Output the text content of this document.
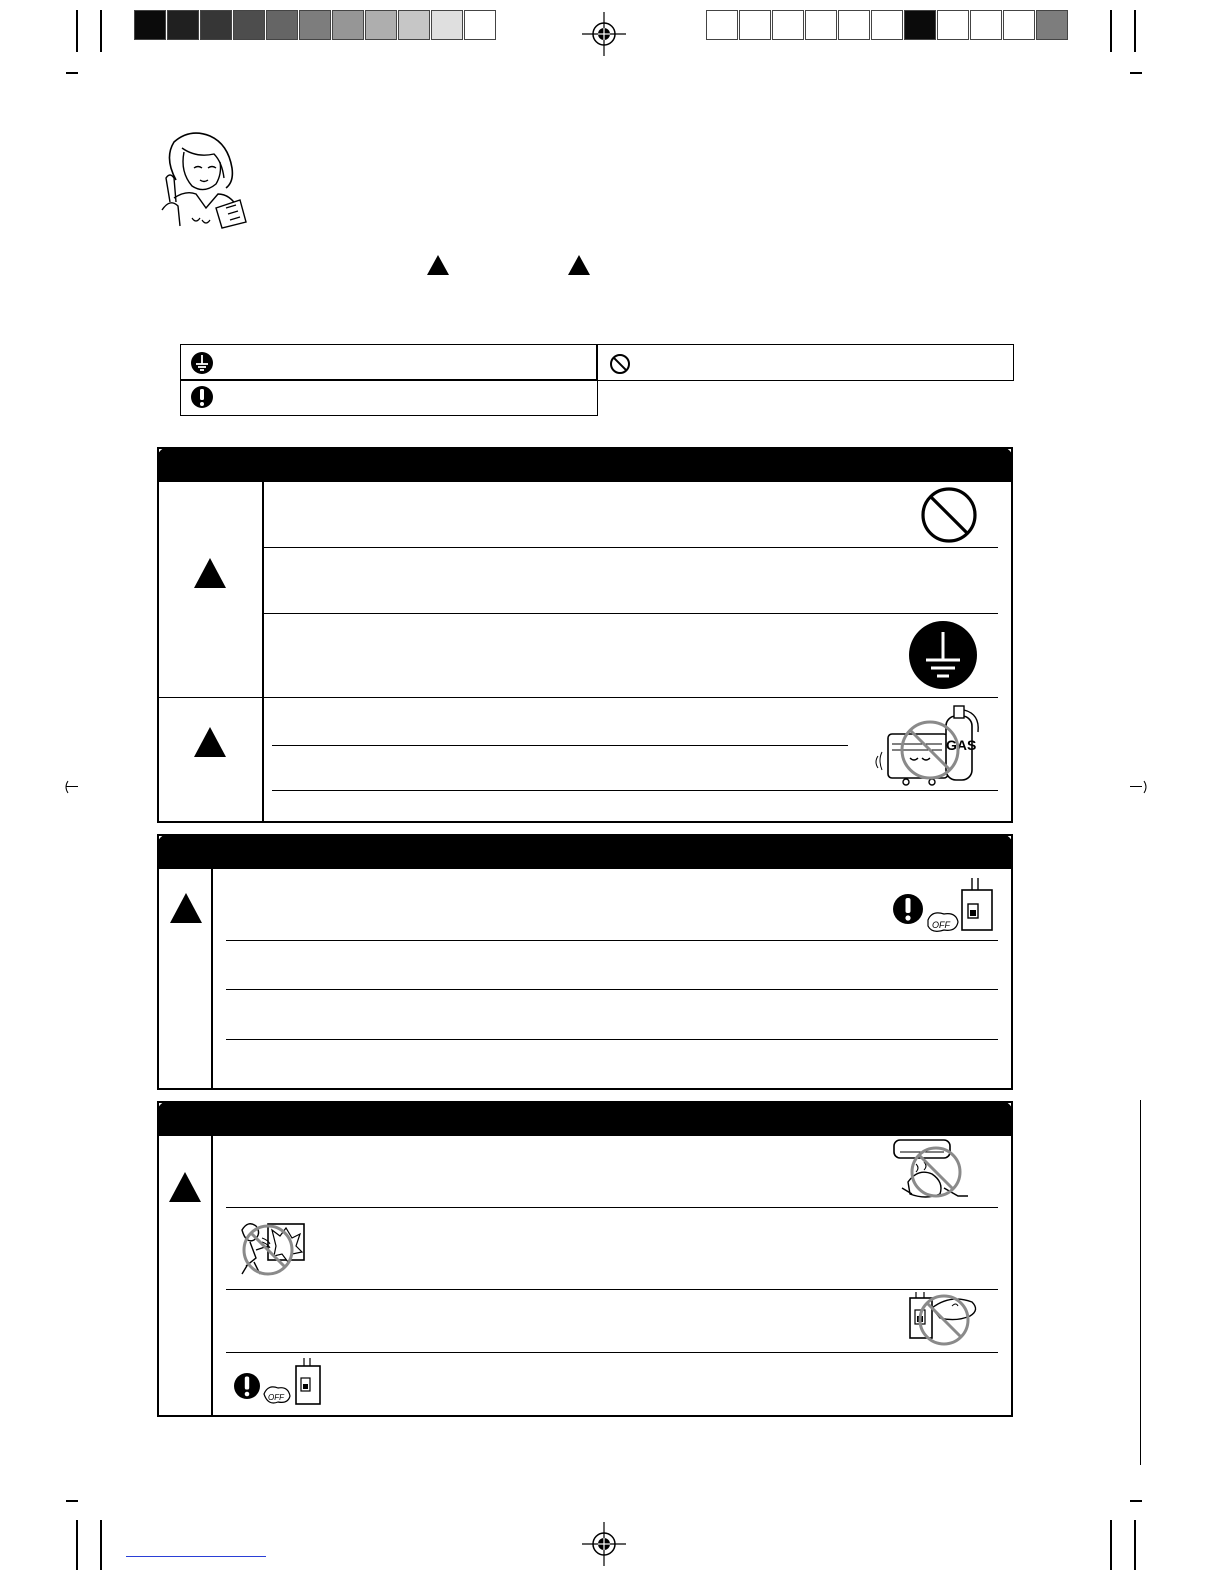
GAS
OFF
OFF
